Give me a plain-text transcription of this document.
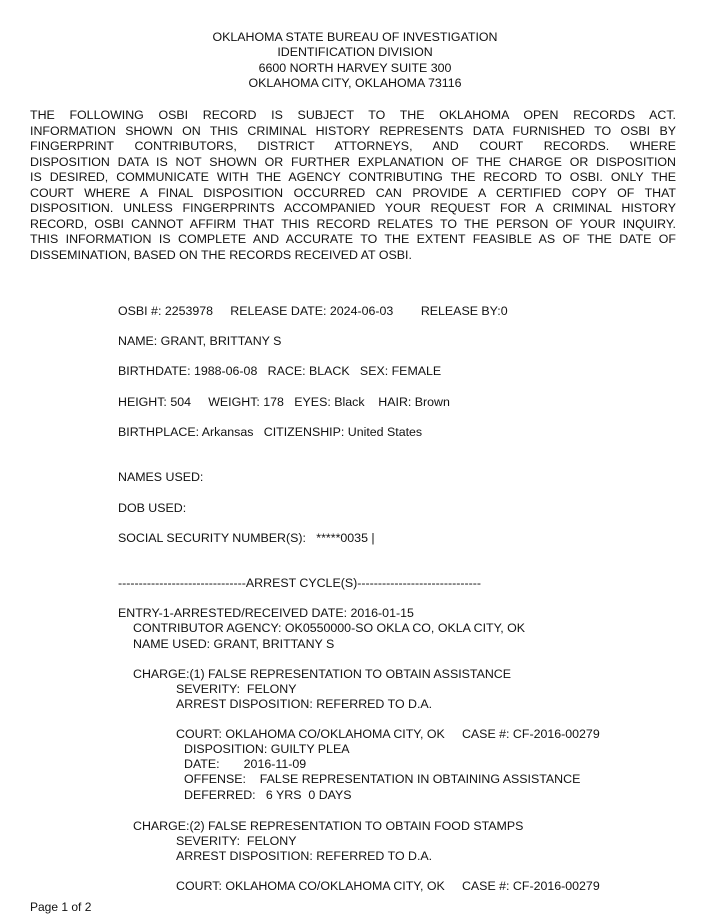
OKLAHOMA STATE BUREAU OF INVESTIGATION
IDENTIFICATION DIVISION
6600 NORTH HARVEY SUITE 300
OKLAHOMA CITY, OKLAHOMA 73116
THE FOLLOWING OSBI RECORD IS SUBJECT TO THE OKLAHOMA OPEN RECORDS ACT.
INFORMATION SHOWN ON THIS CRIMINAL HISTORY REPRESENTS DATA FURNISHED TO OSBI BY
FINGERPRINT CONTRIBUTORS, DISTRICT ATTORNEYS, AND COURT RECORDS. WHERE
DISPOSITION DATA IS NOT SHOWN OR FURTHER EXPLANATION OF THE CHARGE OR DISPOSITION
IS DESIRED, COMMUNICATE WITH THE AGENCY CONTRIBUTING THE RECORD TO OSBI. ONLY THE
COURT WHERE A FINAL DISPOSITION OCCURRED CAN PROVIDE A CERTIFIED COPY OF THAT
DISPOSITION. UNLESS FINGERPRINTS ACCOMPANIED YOUR REQUEST FOR A CRIMINAL HISTORY
RECORD, OSBI CANNOT AFFIRM THAT THIS RECORD RELATES TO THE PERSON OF YOUR INQUIRY.
THIS INFORMATION IS COMPLETE AND ACCURATE TO THE EXTENT FEASIBLE AS OF THE DATE OF
DISSEMINATION, BASED ON THE RECORDS RECEIVED AT OSBI.
OSBI #: 2253978     RELEASE DATE: 2024-06-03        RELEASE BY:0
NAME: GRANT, BRITTANY S
BIRTHDATE: 1988-06-08   RACE: BLACK   SEX: FEMALE
HEIGHT: 504     WEIGHT: 178   EYES: Black    HAIR: Brown
BIRTHPLACE: Arkansas   CITIZENSHIP: United States
NAMES USED:
DOB USED:
SOCIAL SECURITY NUMBER(S):   *****0035 |
-------------------------------ARREST CYCLE(S)------------------------------
ENTRY-1-ARRESTED/RECEIVED DATE: 2016-01-15
CONTRIBUTOR AGENCY: OK0550000-SO OKLA CO, OKLA CITY, OK
NAME USED: GRANT, BRITTANY S
CHARGE:(1) FALSE REPRESENTATION TO OBTAIN ASSISTANCE
SEVERITY:  FELONY
ARREST DISPOSITION: REFERRED TO D.A.
COURT: OKLAHOMA CO/OKLAHOMA CITY, OK     CASE #: CF-2016-00279
DISPOSITION: GUILTY PLEA
DATE:       2016-11-09
OFFENSE:    FALSE REPRESENTATION IN OBTAINING ASSISTANCE
DEFERRED:   6 YRS  0 DAYS
CHARGE:(2) FALSE REPRESENTATION TO OBTAIN FOOD STAMPS
SEVERITY:  FELONY
ARREST DISPOSITION: REFERRED TO D.A.
COURT: OKLAHOMA CO/OKLAHOMA CITY, OK     CASE #: CF-2016-00279
Page 1 of 2
